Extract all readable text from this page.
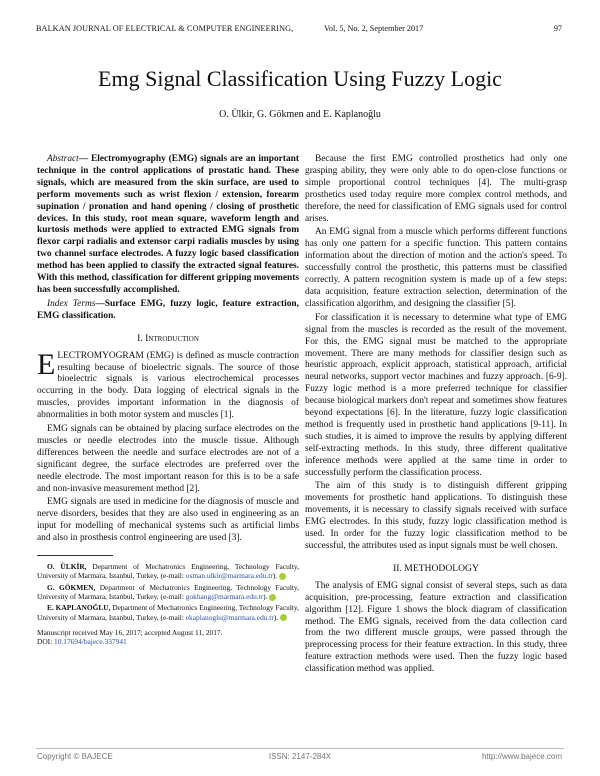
BALKAN JOURNAL OF ELECTRICAL & COMPUTER ENGINEERING,	Vol. 5, No. 2, September 2017	97
Emg Signal Classification Using Fuzzy Logic
O. Ülkir, G. Gökmen and E. Kaplanoğlu

Abstract— Electromyography (EMG) signals are an important technique in the control applications of prostatic hand. These signals, which are measured from the skin surface, are used to perform movements such as wrist flexion / extension, forearm supination / pronation and hand opening / closing of prosthetic devices. In this study, root mean square, waveform length and kurtosis methods were applied to extracted EMG signals from flexor carpi radialis and extensor carpi radialis muscles by using two channel surface electrodes. A fuzzy logic based classification method has been applied to classify the extracted signal features. With this method, classification for different gripping movements has been successfully accomplished.

Index Terms—Surface EMG, fuzzy logic, feature extraction, EMG classification.

I. Introduction

ELECTROMYOGRAM (EMG) is defined as muscle contraction resulting because of bioelectric signals. The source of those bioelectric signals is various electrochemical processes occurring in the body. Data logging of electrical signals in the muscles, provides important information in the diagnosis of abnormalities in both motor system and muscles [1].

EMG signals can be obtained by placing surface electrodes on the muscles or needle electrodes into the muscle tissue. Although differences between the needle and surface electrodes are not of a significant degree, the surface electrodes are preferred over the needle electrode. The most important reason for this is to be a safe and non-invasive measurement method [2].

EMG signals are used in medicine for the diagnosis of muscle and nerve disorders, besides that they are also used in engineering as an input for modelling of mechanical systems such as artificial limbs and also in prosthesis control engineering are used [3].

O. ÜLKİR, Department of Mechatronics Engineering, Technology Faculty, University of Marmara, Istanbul, Turkey, (e-mail: osman.ulkir@marmara.edu.tr). iD

G. GÖKMEN, Department of Mechatronics Engineering, Technology Faculty, University of Marmara, Istanbul, Turkey, (e-mail: gokhang@marmara.edu.tr). iD

E. KAPLANOĞLU, Department of Mechatronics Engineering, Technology Faculty, University of Marmara, Istanbul, Turkey, (e-mail: ekaplanoglu@marmara.edu.tr). iD

Manuscript received May 16, 2017; accepted August 11, 2017.
DOI: 10.17694/bajece.337941

Because the first EMG controlled prosthetics had only one grasping ability, they were only able to do open-close functions or simple proportional control techniques [4]. The multi-grasp prosthetics used today require more complex control methods, and therefore, the need for classification of EMG signals used for control arises.

An EMG signal from a muscle which performs different functions has only one pattern for a specific function. This pattern contains information about the direction of motion and the action's speed. To successfully control the prosthetic, this patterns must be classified correctly. A pattern recognition system is made up of a few steps: data acquisition, feature extraction selection, determination of the classification algorithm, and designing the classifier [5].

For classification it is necessary to determine what type of EMG signal from the muscles is recorded as the result of the movement. For this, the EMG signal must be matched to the appropriate movement. There are many methods for classifier design such as heuristic approach, explicit approach, statistical approach, artificial neural networks, support vector machines and fuzzy approach. [6-9]. Fuzzy logic method is a more preferred technique for classifier because biological markers don't repeat and sometimes show features beyond expectations [6]. In the literature, fuzzy logic classification method is frequently used in prosthetic hand applications [9-11]. In such studies, it is aimed to improve the results by applying different self-extracting methods. In this study, three different qualitative inference methods were applied at the same time in order to successfully perform the classification process.

The aim of this study is to distinguish different gripping movements for prosthetic hand applications. To distinguish these movements, it is necessary to classify signals received with surface EMG electrodes. In this study, fuzzy logic classification method is used. In order for the fuzzy logic classification method to be successful, the attributes used as input signals must be well chosen.

II. METHODOLOGY

The analysis of EMG signal consist of several steps, such as data acquisition, pre-processing, feature extraction and classification algorithm [12]. Figure 1 shows the block diagram of classification method. The EMG signals, received from the data collection card from the two different muscle groups, were passed through the preprocessing process for their feature extraction. In this study, three feature extraction methods were used. Then the fuzzy logic based classification method was applied.

Copyright © BAJECE	ISSN: 2147-284X	http://www.bajece.com
